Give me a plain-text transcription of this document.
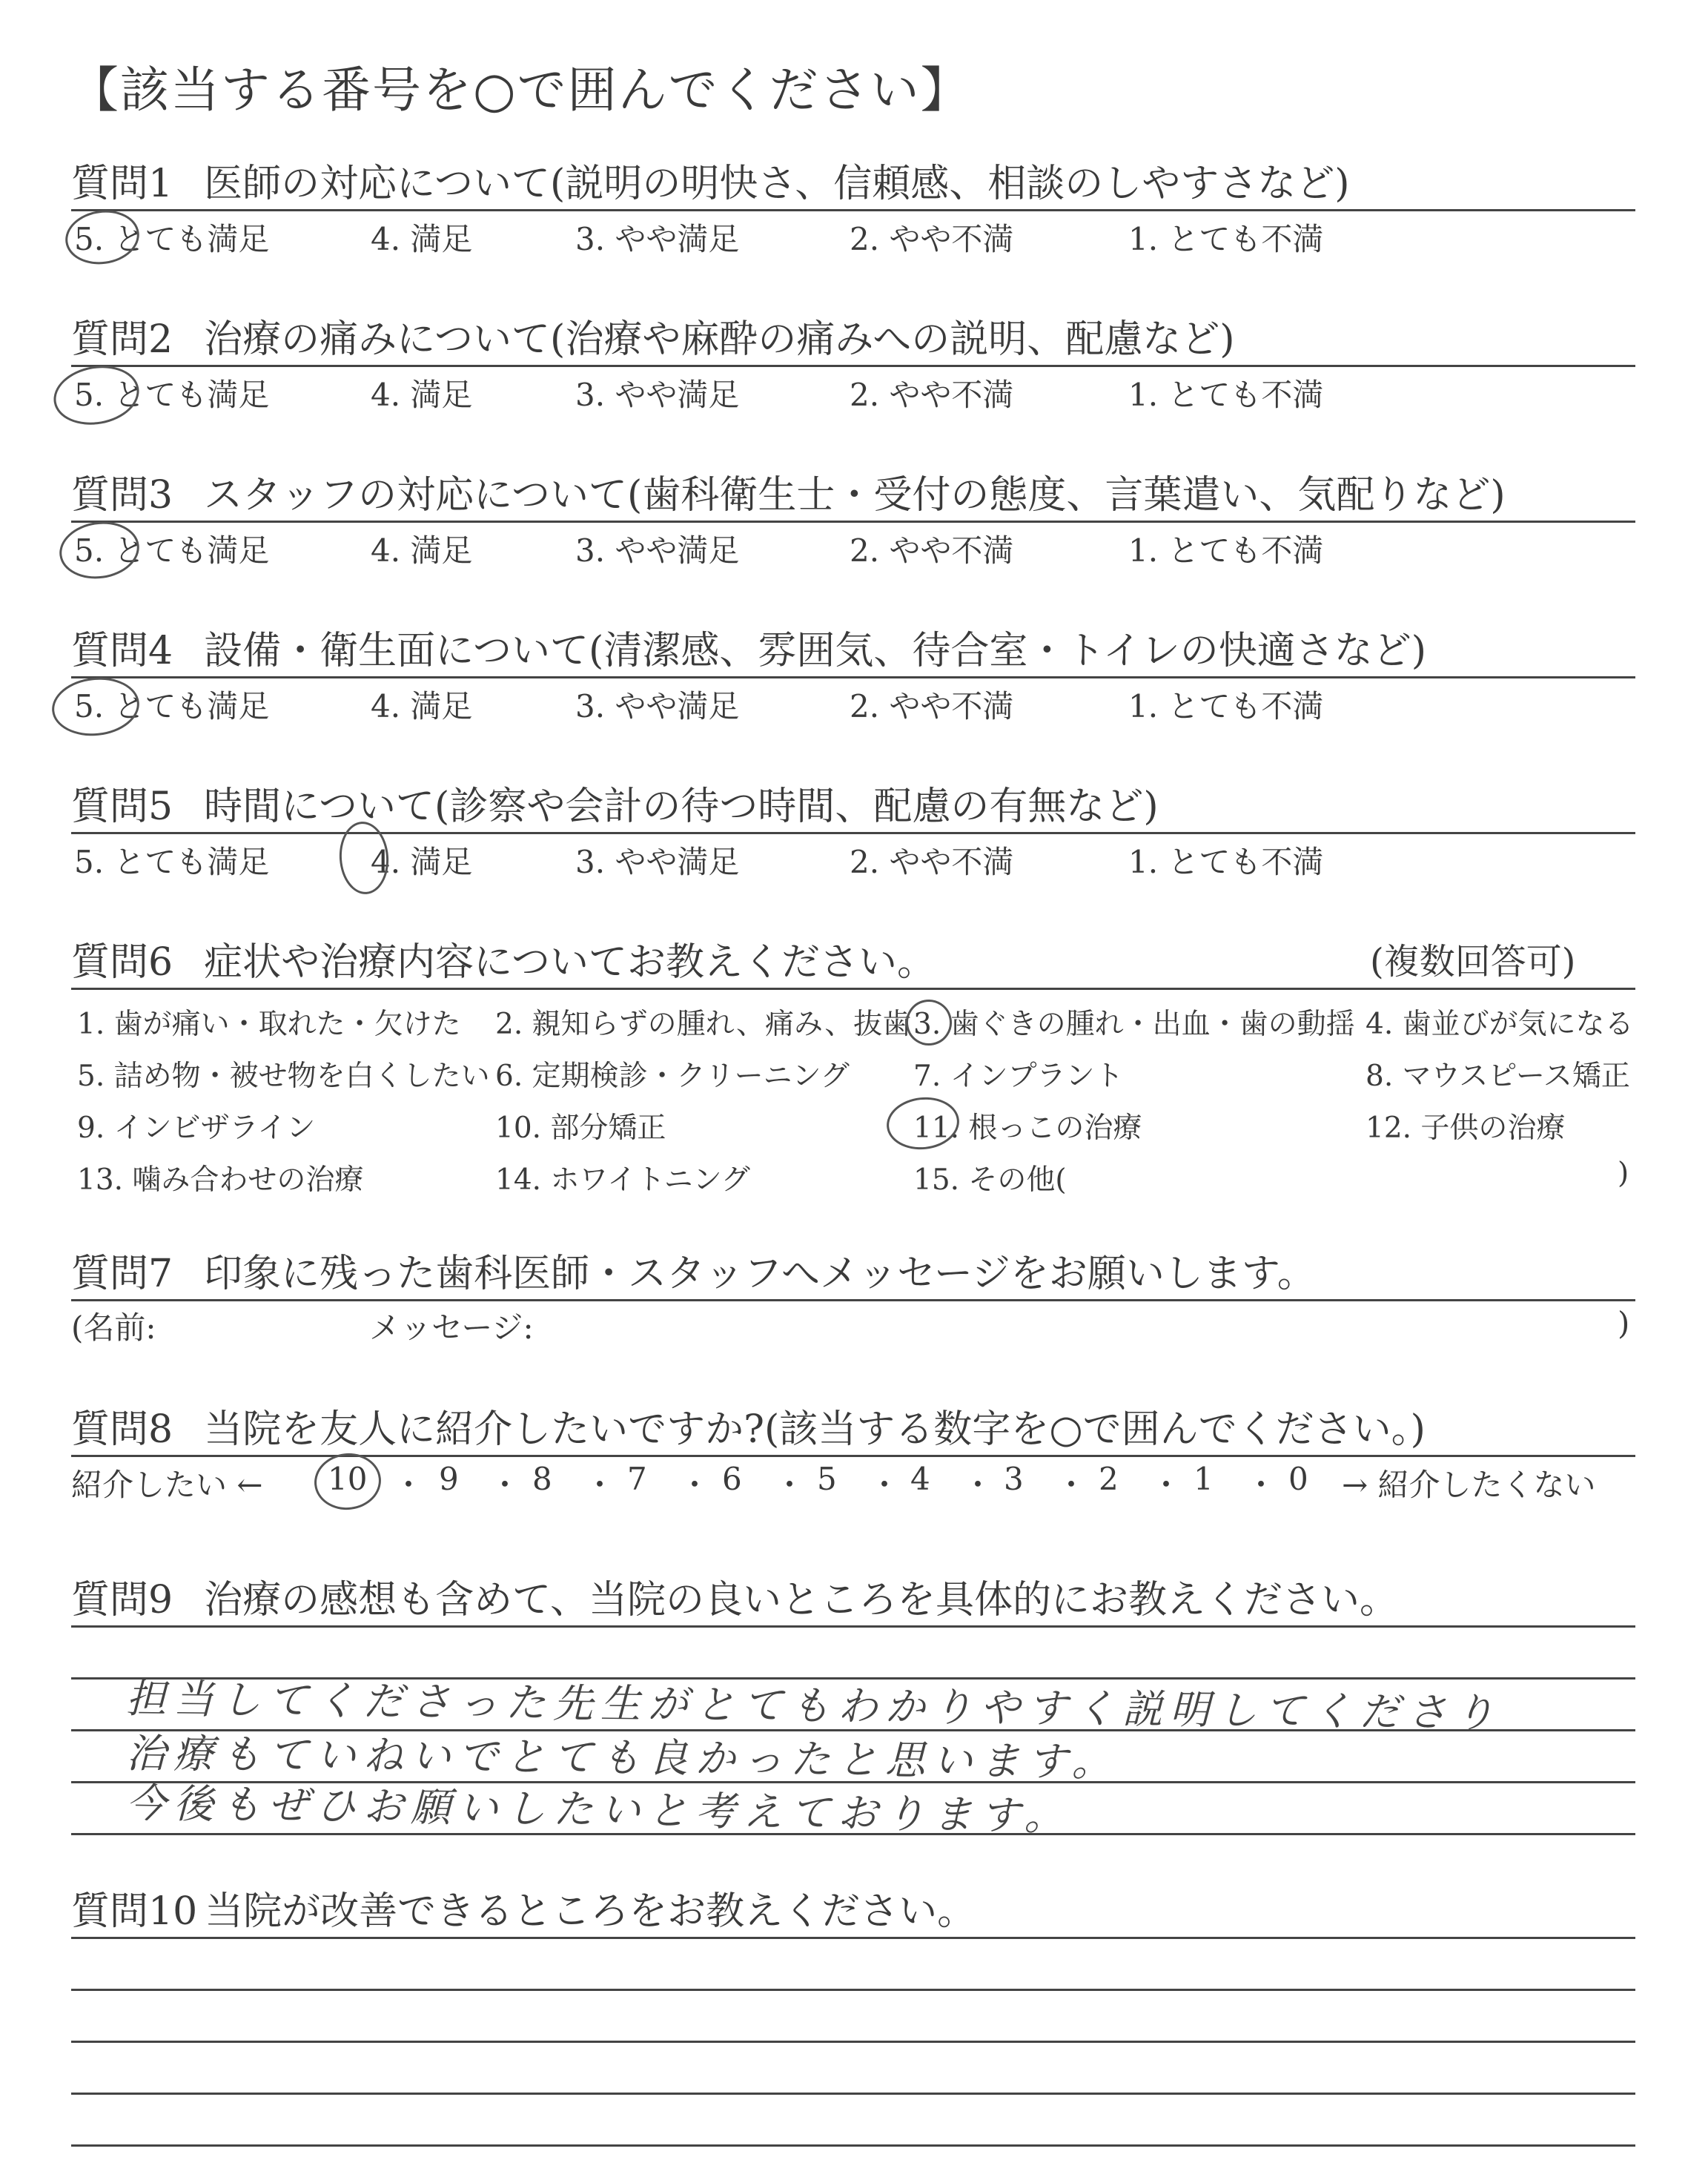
【該当する番号を○で囲んでください】
質問1 医師の対応について(説明の明快さ、信頼感、相談のしやすさなど)
5. とても満足	4. 満足	3. やや満足	2. やや不満	1. とても不満
質問2 治療の痛みについて(治療や麻酔の痛みへの説明、配慮など)
5. とても満足	4. 満足	3. やや満足	2. やや不満	1. とても不満
質問3 スタッフの対応について(歯科衛生士・受付の態度、言葉遣い、気配りなど)
5. とても満足	4. 満足	3. やや満足	2. やや不満	1. とても不満
質問4 設備・衛生面について(清潔感、雰囲気、待合室・トイレの快適さなど)
5. とても満足	4. 満足	3. やや満足	2. やや不満	1. とても不満
質問5 時間について(診察や会計の待つ時間、配慮の有無など)
5. とても満足	4. 満足	3. やや満足	2. やや不満	1. とても不満
質問6 症状や治療内容についてお教えください。	(複数回答可)
1. 歯が痛い・取れた・欠けた 2. 親知らずの腫れ、痛み、抜歯 3. 歯ぐきの腫れ・出血・歯の動揺 4. 歯並びが気になる
5. 詰め物・被せ物を白くしたい 6. 定期検診・クリーニング 7. インプラント	8. マウスピース矯正
9. インビザライン	10. 部分矯正	11. 根っこの治療	12. 子供の治療
13. 噛み合わせの治療	14. ホワイトニング	15. その他(	)
質問7 印象に残った歯科医師・スタッフへメッセージをお願いします。
(名前:	メッセージ:	)
質問8 当院を友人に紹介したいですか?(該当する数字を○で囲んでください。)
紹介したい ← 10 ・ 9 ・ 8 ・ 7 ・ 6 ・ 5 ・ 4 ・ 3 ・ 2 ・ 1 ・ 0 → 紹介したくない
質問9 治療の感想も含めて、当院の良いところを具体的にお教えください。
担当してくださった先生がとてもわかりやすく説明してくださり
治療もていねいでとても良かったと思います。
今後もぜひお願いしたいと考えております。
質問10 当院が改善できるところをお教えください。
